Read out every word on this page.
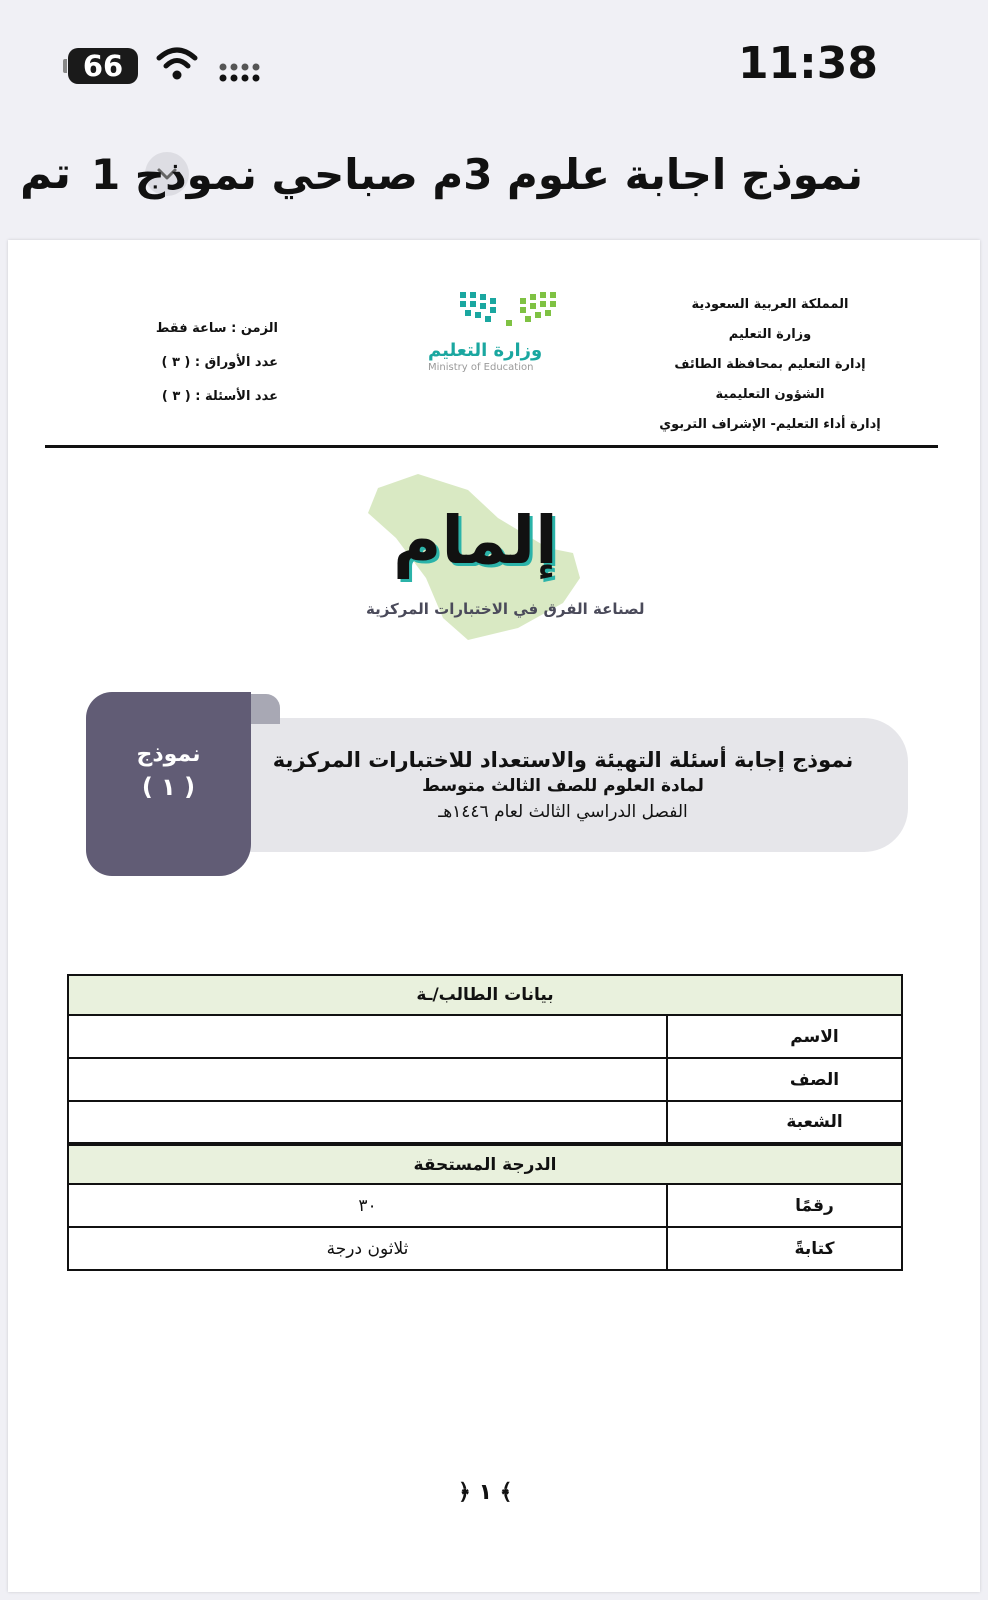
66	11:38
تم نموذج اجابة علوم 3م صباحي نموذج 1
المملكة العربية السعودية
وزارة التعليم
إدارة التعليم بمحافظة الطائف
الشؤون التعليمية
إدارة أداء التعليم- الإشراف التربوي
وزارة التعليم
Ministry of Education
الزمن : ساعة فقط
عدد الأوراق : ( ٣ )
عدد الأسئلة : ( ٣ )
إلمام
لصناعة الفرق في الاختبارات المركزية
نموذج إجابة أسئلة التهيئة والاستعداد للاختبارات المركزية
لمادة العلوم للصف الثالث متوسط
الفصل الدراسي الثالث لعام ١٤٤٦هـ
نموذج
( ١ )
بيانات الطالب/ـة	
الاسم	
الصف	
الشعبة	
الدرجة المستحقة	
رقمًا	٣٠
كتابةً	ثلاثون درجة
﴾ ١ ﴿
